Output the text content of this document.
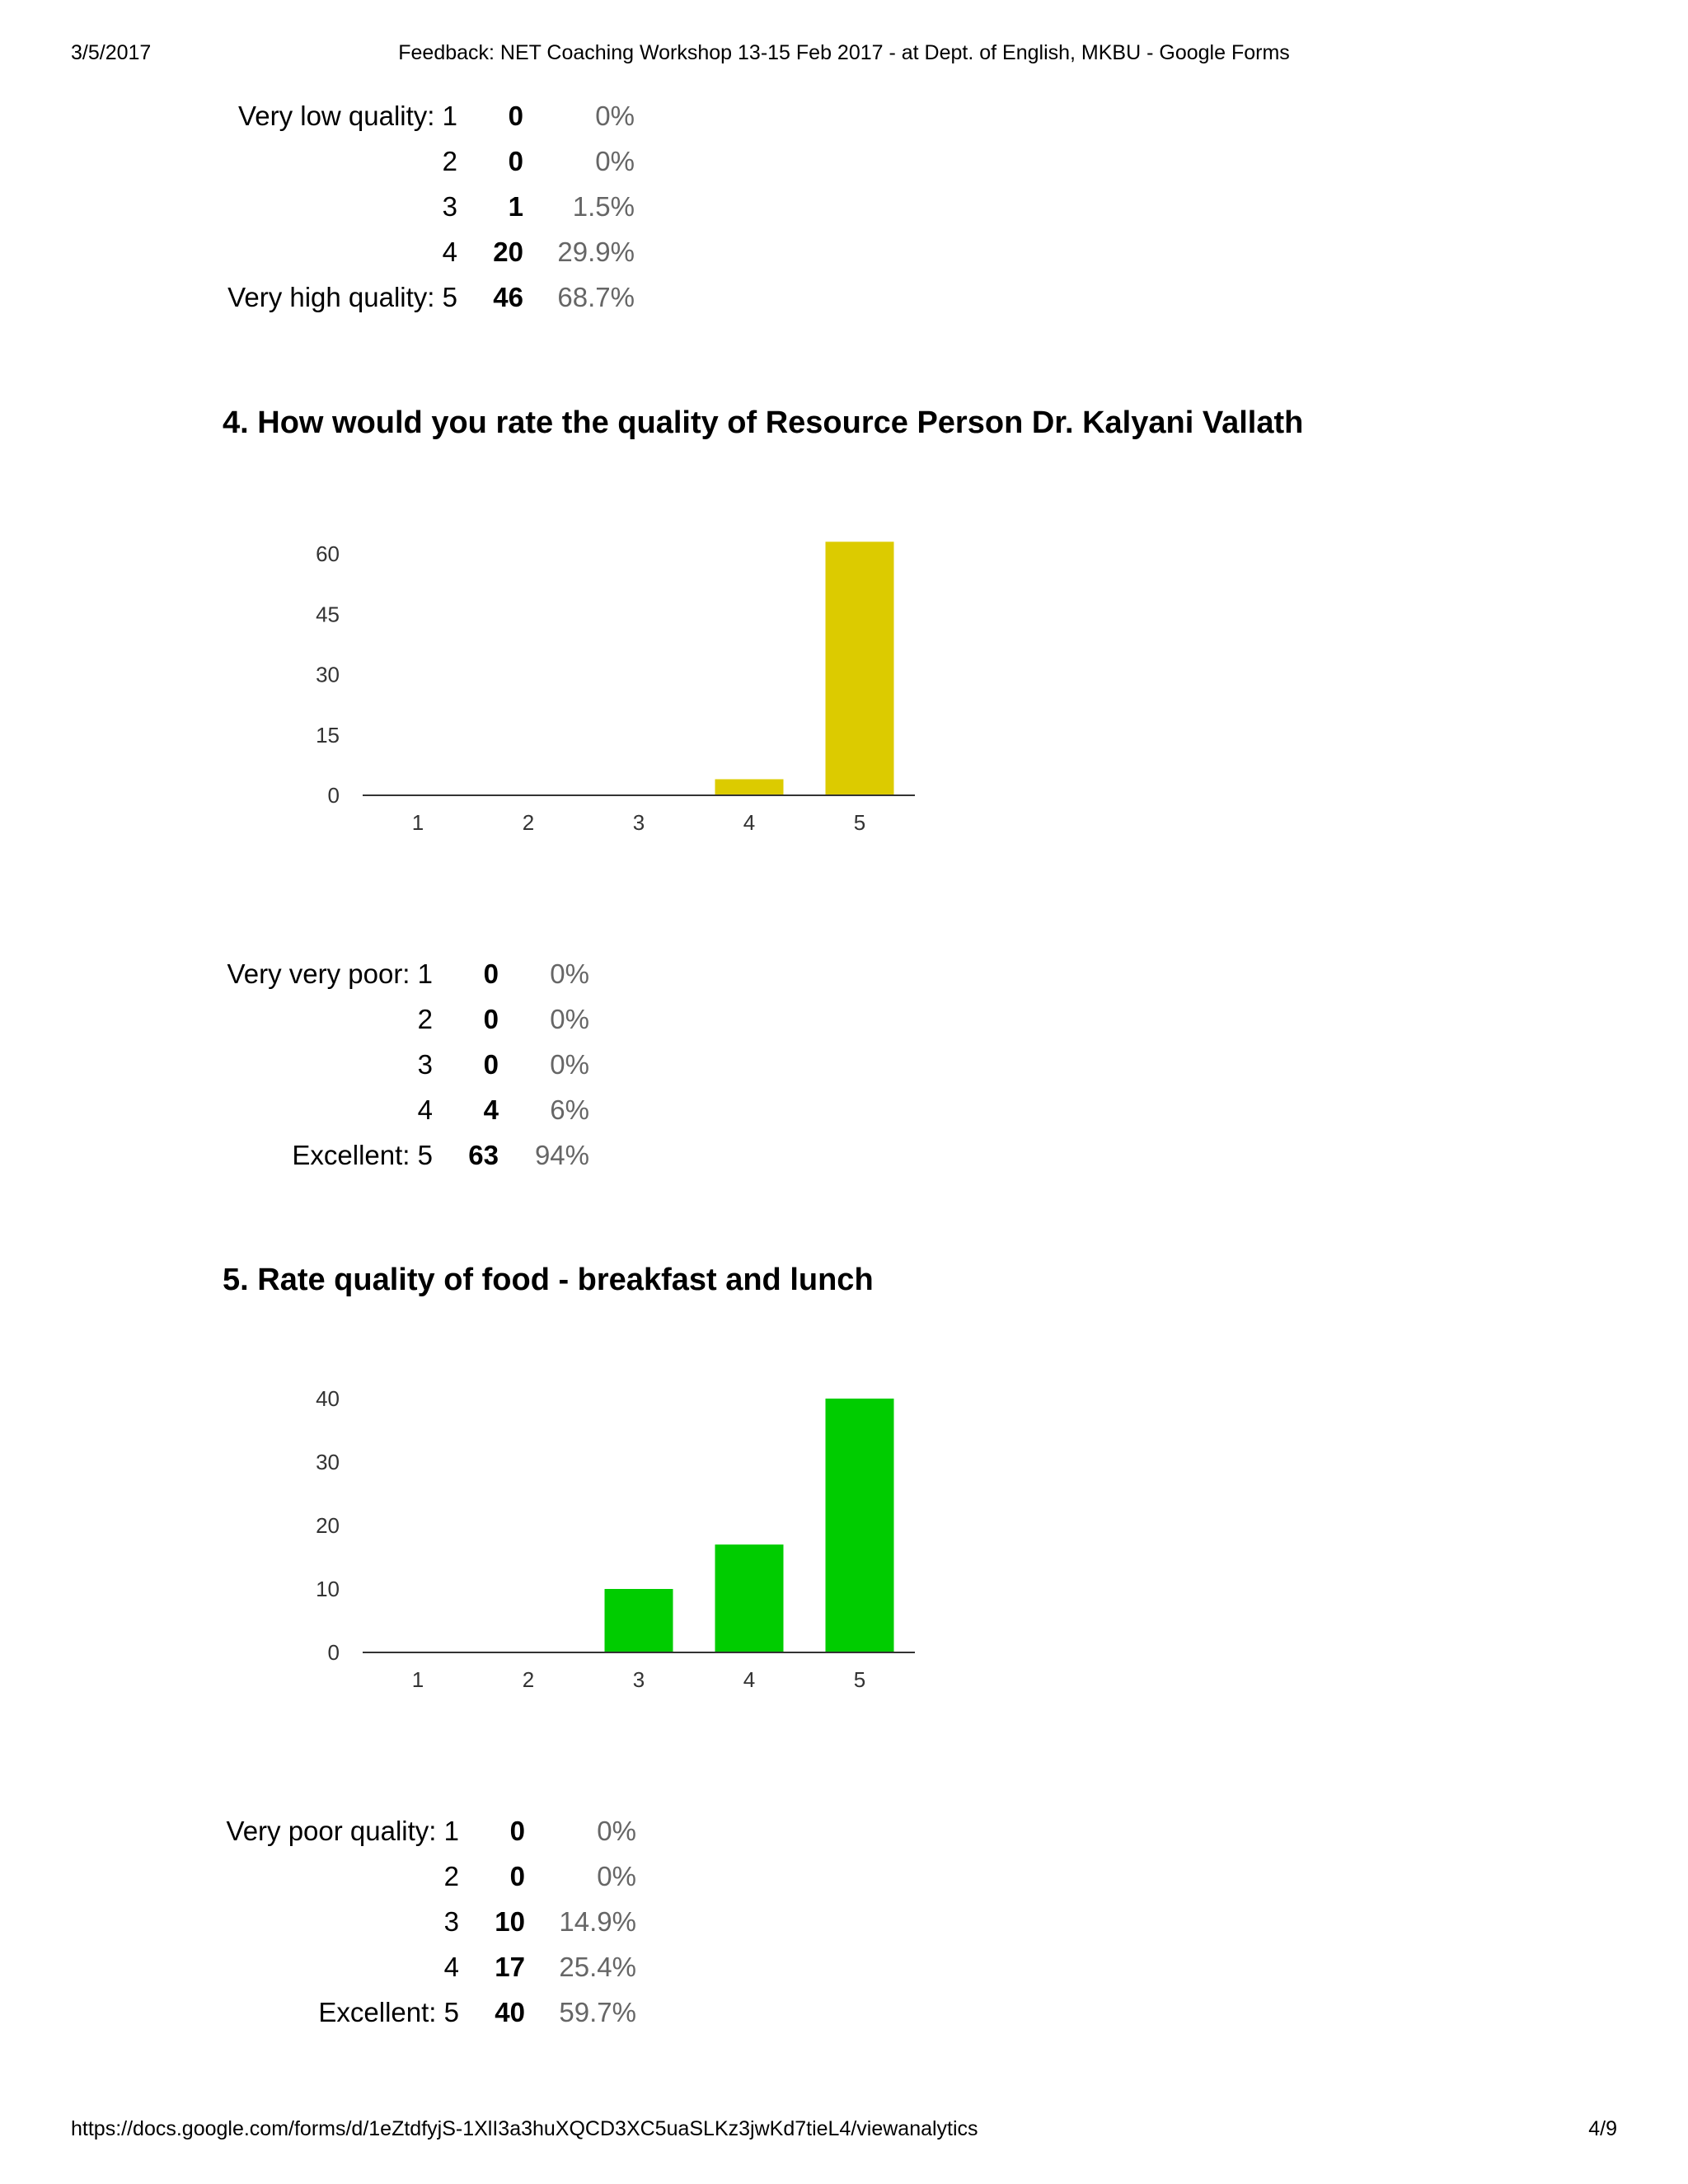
3/5/2017	Feedback: NET Coaching Workshop 13-15 Feb 2017 - at Dept. of English, MKBU - Google Forms
Very low quality: 1	0	0%
2	0	0%
3	1	1.5%
4	20	29.9%
Very high quality: 5	46	68.7%
4. How would you rate the quality of Resource Person Dr. Kalyani Vallath
0
15
30
45
60
1	2	3	4	5
Very very poor: 1	0	0%
2	0	0%
3	0	0%
4	4	6%
Excellent: 5	63	94%
5. Rate quality of food - breakfast and lunch
0
10
20
30
40
1	2	3	4	5
Very poor quality: 1	0	0%
2	0	0%
3	10	14.9%
4	17	25.4%
Excellent: 5	40	59.7%
https://docs.google.com/forms/d/1eZtdfyjS-1XlI3a3huXQCD3XC5uaSLKz3jwKd7tieL4/viewanalytics	4/9
